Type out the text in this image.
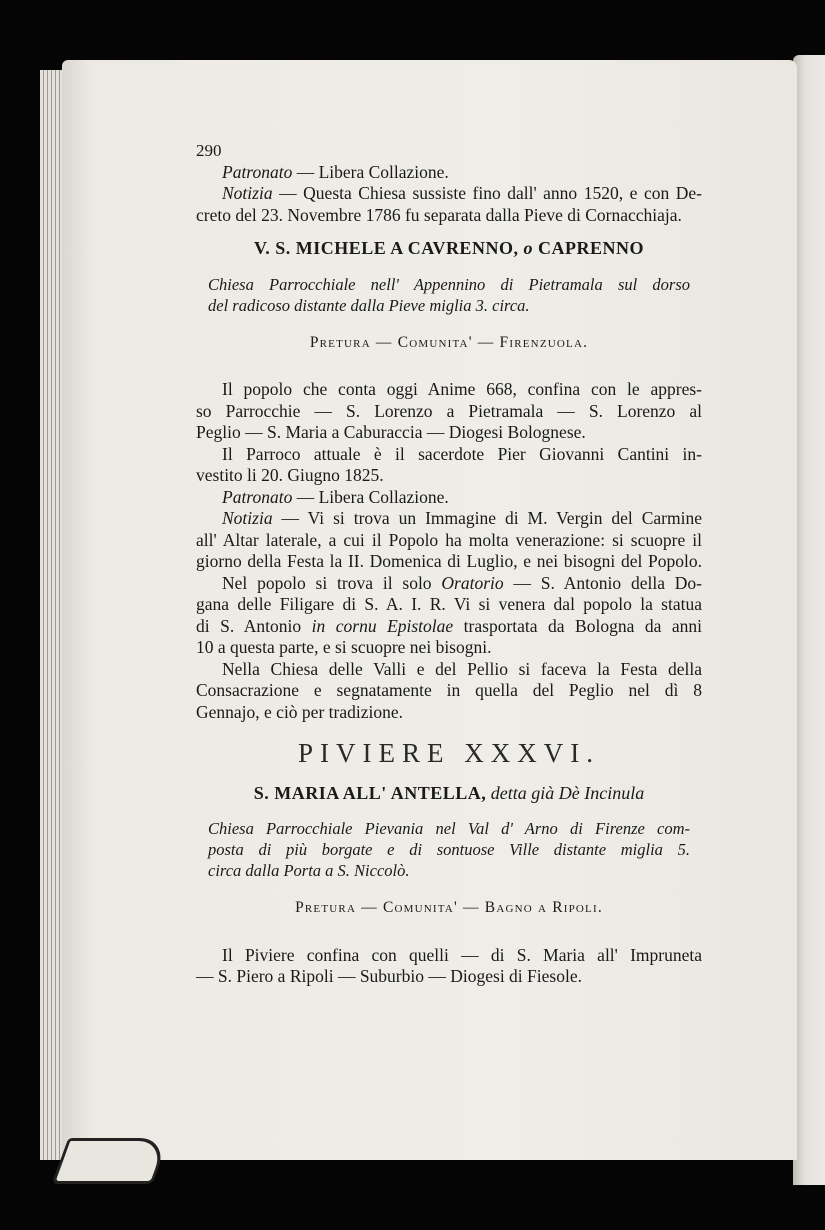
290
Patronato — Libera Collazione.
Notizia — Questa Chiesa sussiste fino dall' anno 1520, e con De-
creto del 23. Novembre 1786 fu separata dalla Pieve di Cornacchiaja.
V. S. MICHELE A CAVRENNO, o CAPRENNO
Chiesa Parrocchiale nell' Appennino di Pietramala sul dorso
del radicoso distante dalla Pieve miglia 3. circa.
Pretura — Comunita' — Firenzuola.
Il popolo che conta oggi Anime 668, confina con le appres-
so Parrocchie — S. Lorenzo a Pietramala — S. Lorenzo al
Peglio — S. Maria a Caburaccia — Diogesi Bolognese.
Il Parroco attuale è il sacerdote Pier Giovanni Cantini in-
vestito li 20. Giugno 1825.
Patronato — Libera Collazione.
Notizia — Vi si trova un Immagine di M. Vergin del Carmine
all' Altar laterale, a cui il Popolo ha molta venerazione: si scuopre il
giorno della Festa la II. Domenica di Luglio, e nei bisogni del Popolo.
Nel popolo si trova il solo Oratorio — S. Antonio della Do-
gana delle Filigare di S. A. I. R. Vi si venera dal popolo la statua
di S. Antonio in cornu Epistolae trasportata da Bologna da anni
10 a questa parte, e si scuopre nei bisogni.
Nella Chiesa delle Valli e del Pellio si faceva la Festa della
Consacrazione e segnatamente in quella del Peglio nel dì 8
Gennajo, e ciò per tradizione.
PIVIERE XXXVI.
S. MARIA ALL' ANTELLA, detta già Dè Incinula
Chiesa Parrocchiale Pievania nel Val d' Arno di Firenze com-
posta di più borgate e di sontuose Ville distante miglia 5.
circa dalla Porta a S. Niccolò.
Pretura — Comunita' — Bagno a Ripoli.
Il Piviere confina con quelli — di S. Maria all' Impruneta
— S. Piero a Ripoli — Suburbio — Diogesi di Fiesole.
